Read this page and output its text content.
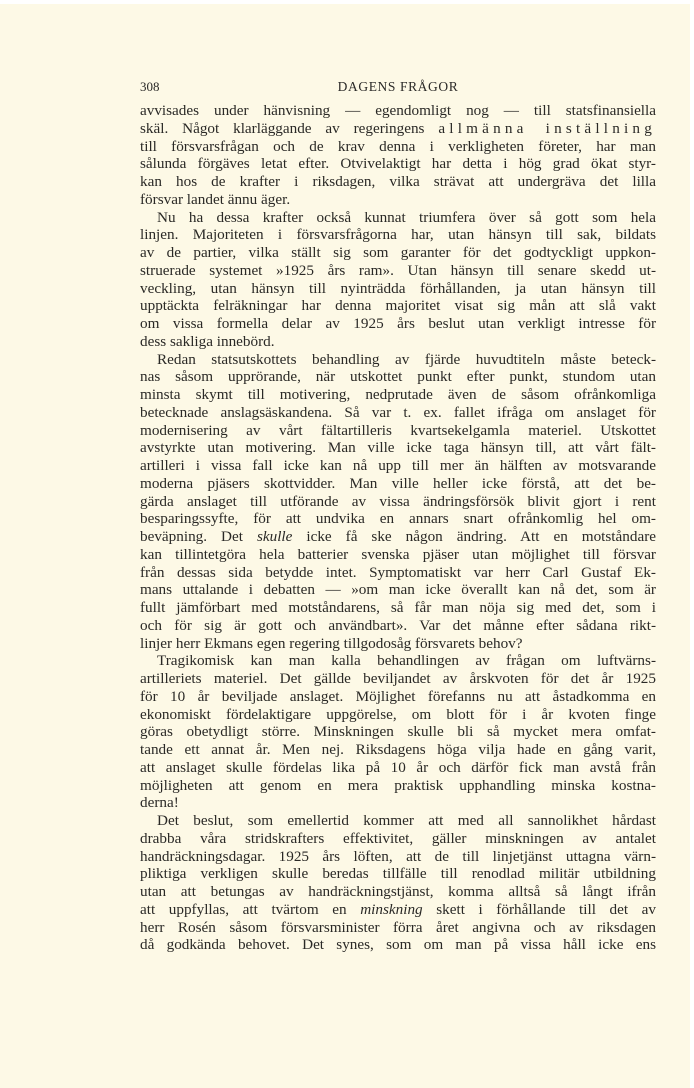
308	DAGENS FRÅGOR
avvisades under hänvisning — egendomligt nog — till statsfinansiella
skäl. Något klarläggande av regeringens allmänna inställning
till försvarsfrågan och de krav denna i verkligheten företer, har man
sålunda förgäves letat efter. Otvivelaktigt har detta i hög grad ökat styr-
kan hos de krafter i riksdagen, vilka strävat att undergräva det lilla
försvar landet ännu äger.
Nu ha dessa krafter också kunnat triumfera över så gott som hela
linjen. Majoriteten i försvarsfrågorna har, utan hänsyn till sak, bildats
av de partier, vilka ställt sig som garanter för det godtyckligt uppkon-
struerade systemet »1925 års ram». Utan hänsyn till senare skedd ut-
veckling, utan hänsyn till nyinträdda förhållanden, ja utan hänsyn till
upptäckta felräkningar har denna majoritet visat sig mån att slå vakt
om vissa formella delar av 1925 års beslut utan verkligt intresse för
dess sakliga innebörd.
Redan statsutskottets behandling av fjärde huvudtiteln måste beteck-
nas såsom upprörande, när utskottet punkt efter punkt, stundom utan
minsta skymt till motivering, nedprutade även de såsom ofrånkomliga
betecknade anslagsäskandena. Så var t. ex. fallet ifråga om anslaget för
modernisering av vårt fältartilleris kvartsekelgamla materiel. Utskottet
avstyrkte utan motivering. Man ville icke taga hänsyn till, att vårt fält-
artilleri i vissa fall icke kan nå upp till mer än hälften av motsvarande
moderna pjäsers skottvidder. Man ville heller icke förstå, att det be-
gärda anslaget till utförande av vissa ändringsförsök blivit gjort i rent
besparingssyfte, för att undvika en annars snart ofrånkomlig hel om-
beväpning. Det skulle icke få ske någon ändring. Att en motståndare
kan tillintetgöra hela batterier svenska pjäser utan möjlighet till försvar
från dessas sida betydde intet. Symptomatiskt var herr Carl Gustaf Ek-
mans uttalande i debatten — »om man icke överallt kan nå det, som är
fullt jämförbart med motståndarens, så får man nöja sig med det, som i
och för sig är gott och användbart». Var det månne efter sådana rikt-
linjer herr Ekmans egen regering tillgodosåg försvarets behov?
Tragikomisk kan man kalla behandlingen av frågan om luftvärns-
artilleriets materiel. Det gällde beviljandet av årskvoten för det år 1925
för 10 år beviljade anslaget. Möjlighet förefanns nu att åstadkomma en
ekonomiskt fördelaktigare uppgörelse, om blott för i år kvoten finge
göras obetydligt större. Minskningen skulle bli så mycket mera omfat-
tande ett annat år. Men nej. Riksdagens höga vilja hade en gång varit,
att anslaget skulle fördelas lika på 10 år och därför fick man avstå från
möjligheten att genom en mera praktisk upphandling minska kostna-
derna!
Det beslut, som emellertid kommer att med all sannolikhet hårdast
drabba våra stridskrafters effektivitet, gäller minskningen av antalet
handräckningsdagar. 1925 års löften, att de till linjetjänst uttagna värn-
pliktiga verkligen skulle beredas tillfälle till renodlad militär utbildning
utan att betungas av handräckningstjänst, komma alltså så långt ifrån
att uppfyllas, att tvärtom en minskning skett i förhållande till det av
herr Rosén såsom försvarsminister förra året angivna och av riksdagen
då godkända behovet. Det synes, som om man på vissa håll icke ens
